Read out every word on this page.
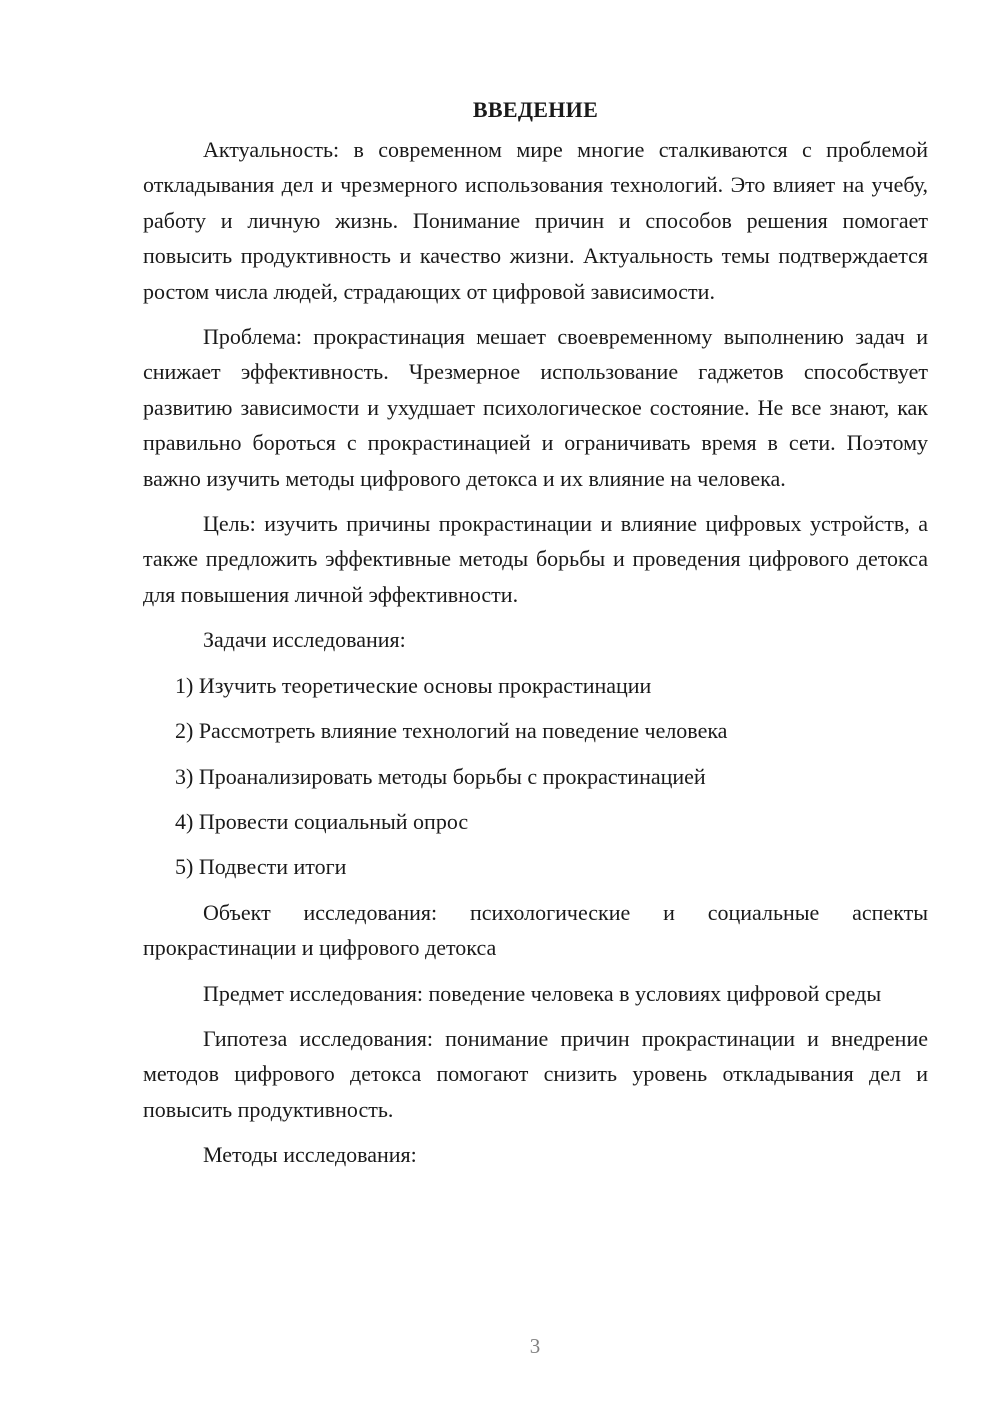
ВВЕДЕНИЕ

Актуальность: в современном мире многие сталкиваются с проблемой откладывания дел и чрезмерного использования технологий. Это влияет на учебу, работу и личную жизнь. Понимание причин и способов решения помогает повысить продуктивность и качество жизни. Актуальность темы подтверждается ростом числа людей, страдающих от цифровой зависимости.

Проблема: прокрастинация мешает своевременному выполнению задач и снижает эффективность. Чрезмерное использование гаджетов способствует развитию зависимости и ухудшает психологическое состояние. Не все знают, как правильно бороться с прокрастинацией и ограничивать время в сети. Поэтому важно изучить методы цифрового детокса и их влияние на человека.

Цель: изучить причины прокрастинации и влияние цифровых устройств, а также предложить эффективные методы борьбы и проведения цифрового детокса для повышения личной эффективности.

Задачи исследования:

1) Изучить теоретические основы прокрастинации
2) Рассмотреть влияние технологий на поведение человека
3) Проанализировать методы борьбы с прокрастинацией
4) Провести социальный опрос
5) Подвести итоги

Объект исследования: психологические и социальные аспекты прокрастинации и цифрового детокса

Предмет исследования: поведение человека в условиях цифровой среды

Гипотеза исследования: понимание причин прокрастинации и внедрение методов цифрового детокса помогают снизить уровень откладывания дел и повысить продуктивность.

Методы исследования:

3
